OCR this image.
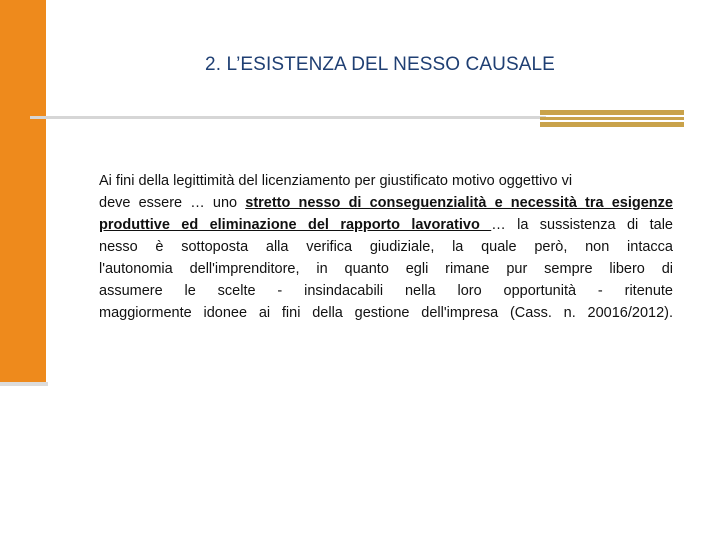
2. L’ESISTENZA DEL NESSO CAUSALE
Ai fini della legittimità del licenziamento per giustificato motivo oggettivo vi
deve essere … uno stretto nesso di conseguenzialità e necessità tra esigenze
produttive ed eliminazione del rapporto lavorativo … la sussistenza di tale
nesso è sottoposta alla verifica giudiziale, la quale però, non intacca
l'autonomia dell'imprenditore, in quanto egli rimane pur sempre libero di
assumere le scelte - insindacabili nella loro opportunità - ritenute
maggiormente idonee ai fini della gestione dell'impresa (Cass. n. 20016/2012).
